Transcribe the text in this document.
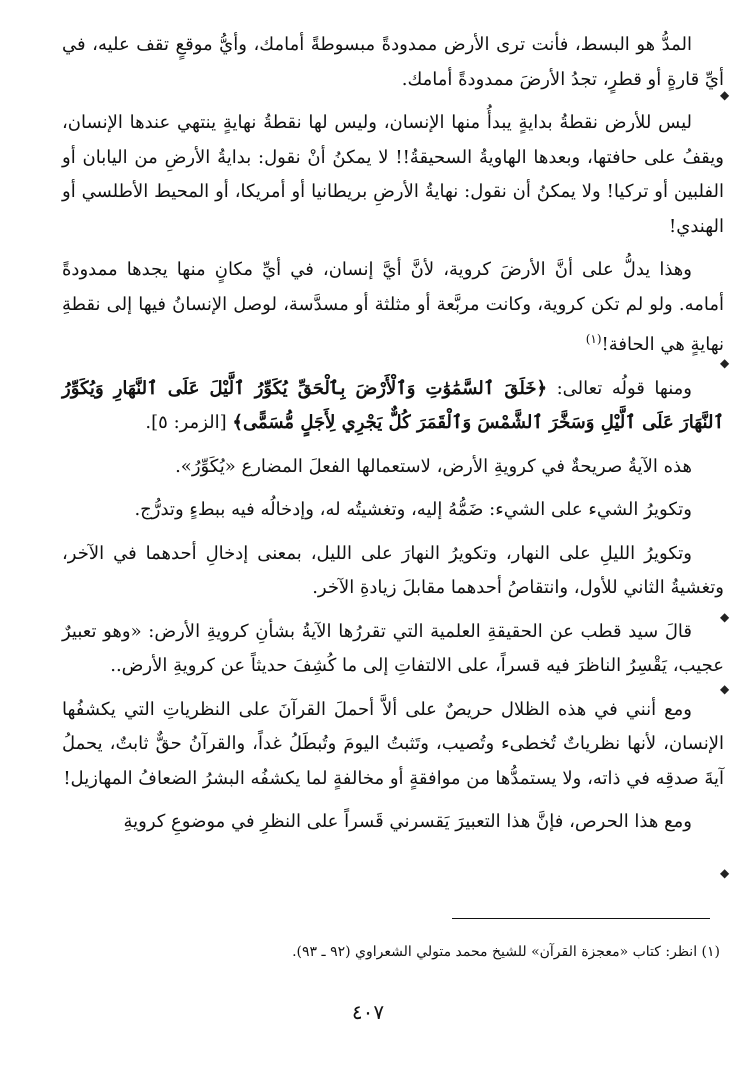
المدُّ هو البسط، فأنت ترى الأرض ممدودةً مبسوطةً أمامك، وأيُّ موقعٍ تقف عليه، في أيِّ قارةٍ أو قطرٍ، تجدُ الأرضَ ممدودةً أمامك.

ليس للأرض نقطةُ بدايةٍ يبدأُ منها الإنسان، وليس لها نقطةُ نهايةٍ ينتهي عندها الإنسان، ويقفُ على حافتها، وبعدها الهاويةُ السحيقةُ!! لا يمكنُ أنْ نقول: بدايةُ الأرضِ من اليابان أو الفلبين أو تركيا! ولا يمكنُ أن نقول: نهايةُ الأرضِ بريطانيا أو أمريكا، أو المحيط الأطلسي أو الهندي!

وهذا يدلُّ على أنَّ الأرضَ كروية، لأنَّ أيَّ إنسان، في أيِّ مكانٍ منها يجدها ممدودةً أمامه. ولو لم تكن كروية، وكانت مربَّعة أو مثلثة أو مسدَّسة، لوصل الإنسانُ فيها إلى نقطةِ نهايةٍ هي الحافة!$^{(١)}$

ومنها قولُه تعالى: ﴿خَلَقَ ٱلسَّمَٰوَٰتِ وَٱلْأَرْضَ بِٱلْحَقِّ يُكَوِّرُ ٱلَّيْلَ عَلَى ٱلنَّهَارِ وَيُكَوِّرُ ٱلنَّهَارَ عَلَى ٱلَّيْلِ وَسَخَّرَ ٱلشَّمْسَ وَٱلْقَمَرَ كُلٌّ يَجْرِي لِأَجَلٍ مُّسَمًّى﴾ [الزمر: ٥].

هذه الآيةُ صريحةٌ في كرويةِ الأرض، لاستعمالها الفعلَ المضارع «يُكَوِّرُ».

وتكويرُ الشيء على الشيء: ضَمُّهُ إليه، وتغشيتُه له، وإدخالُه فيه ببطءٍ وتدرُّج.

وتكويرُ الليلِ على النهار، وتكويرُ النهارَ على الليل، بمعنى إدخالِ أحدهما في الآخر، وتغشيةُ الثاني للأول، وانتقاصُ أحدهما مقابلَ زيادةِ الآخر.

قالَ سيد قطب عن الحقيقةِ العلمية التي تقررُها الآيةُ بشأنِ كرويةِ الأرض: «وهو تعبيرٌ عجيب، يَقْسِرُ الناظرَ فيه قسراً، على الالتفاتِ إلى ما كُشِفَ حديثاً عن كرويةِ الأرض..

ومع أنني في هذه الظلال حريصٌ على ألاَّ أحملَ القرآنَ على النظرياتِ التي يكشفُها الإنسان، لأنها نظرياتٌ تُخطىء وتُصيب، وتَثبتُ اليومَ وتُبطَلُ غداً، والقرآنُ حقٌّ ثابتٌ، يحملُ آيةَ صدقِه في ذاته، ولا يستمدُّها من موافقةٍ أو مخالفةٍ لما يكشفُه البشرُ الضعافُ المهازيل!

ومع هذا الحرص، فإنَّ هذا التعبيرَ يَقسرني قَسراً على النظرِ في موضوعِ كرويةِ

◆
◆
◆
◆
◆
(١) انظر: كتاب «معجزة القرآن» للشيخ محمد متولي الشعراوي (٩٢ ـ ٩٣).
٤٠٧
